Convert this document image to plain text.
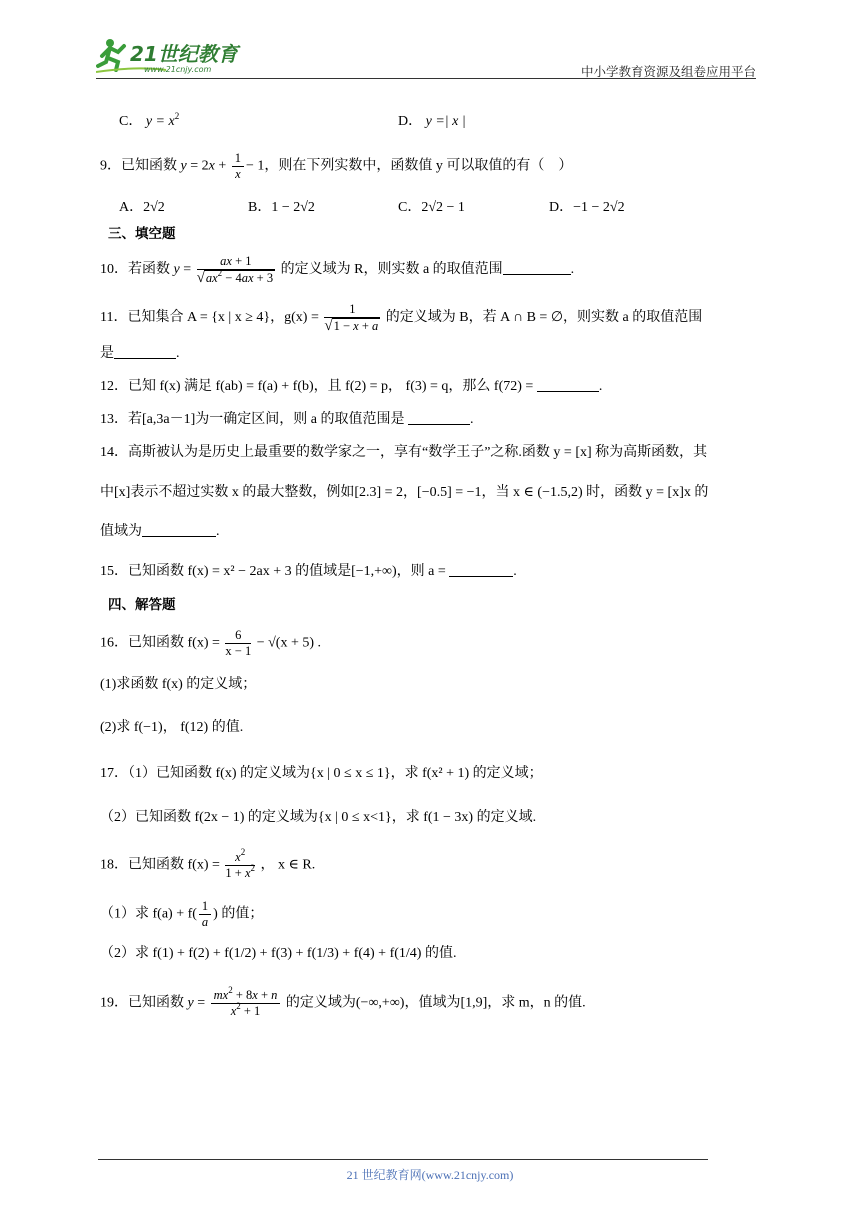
21世纪教育
www.21cnjy.com	中小学教育资源及组卷应用平台
C． $y = x^2$	D． y =| x |
9．已知函数 $y = 2x + \frac{1}{x} - 1$，则在下列实数中，函数值 y 可以取值的有（　）
A．2√2	B．1 − 2√2	C．2√2 − 1	D．−1 − 2√2
三、填空题
10．若函数 $y = \frac{ax + 1}{√ax^2 - 4ax + 3}$ 的定义域为 R，则实数 a 的取值范围	.
11．已知集合 A = {x | x ≥ 4}，$g(x) = \frac{1}{√1 - x + a}$ 的定义域为 B，若 A ∩ B = ∅，则实数 a 的取值范围
是	.
12．已知 f(x) 满足 f(ab) = f(a) + f(b)，且 f(2) = p， f(3) = q，那么 f(72) =	.
13．若[a,3a－1]为一确定区间，则 a 的取值范围是	.
14．高斯被认为是历史上最重要的数学家之一，享有“数学王子”之称.函数 y = [x] 称为高斯函数，其
中[x]表示不超过实数 x 的最大整数，例如[2.3] = 2，[−0.5] = −1，当 x ∈ (−1.5,2) 时，函数 y = [x]x 的
值域为	.
15．已知函数 f(x) = x² − 2ax + 3 的值域是[−1,+∞)，则 a =	.
四、解答题
16．已知函数 $f(x) = \frac{6}{x - 1} - √(x + 5)$ .
(1)求函数 f(x) 的定义域；
(2)求 f(−1)， f(12) 的值.
17．（1）已知函数 f(x) 的定义域为{x | 0 ≤ x ≤ 1}，求 f(x² + 1) 的定义域；
（2）已知函数 f(2x − 1) 的定义域为{x | 0 ≤ x<1}，求 f(1 − 3x) 的定义域.
18．已知函数 $f(x) = \frac{x^2}{1 + x^2}$ ， x ∈ R.
（1）求 $f(a) + f( \frac{1}{a}$ ) 的值；
（2）求 f(1) + f(2) + f(1/2) + f(3) + f(1/3) + f(4) + f(1/4) 的值.
19．已知函数 $y = \frac{mx^2 + 8x + n}{x^2 + 1}$ 的定义域为(−∞,+∞)，值域为[1,9]，求 m，n 的值.
21 世纪教育网(www.21cnjy.com)
